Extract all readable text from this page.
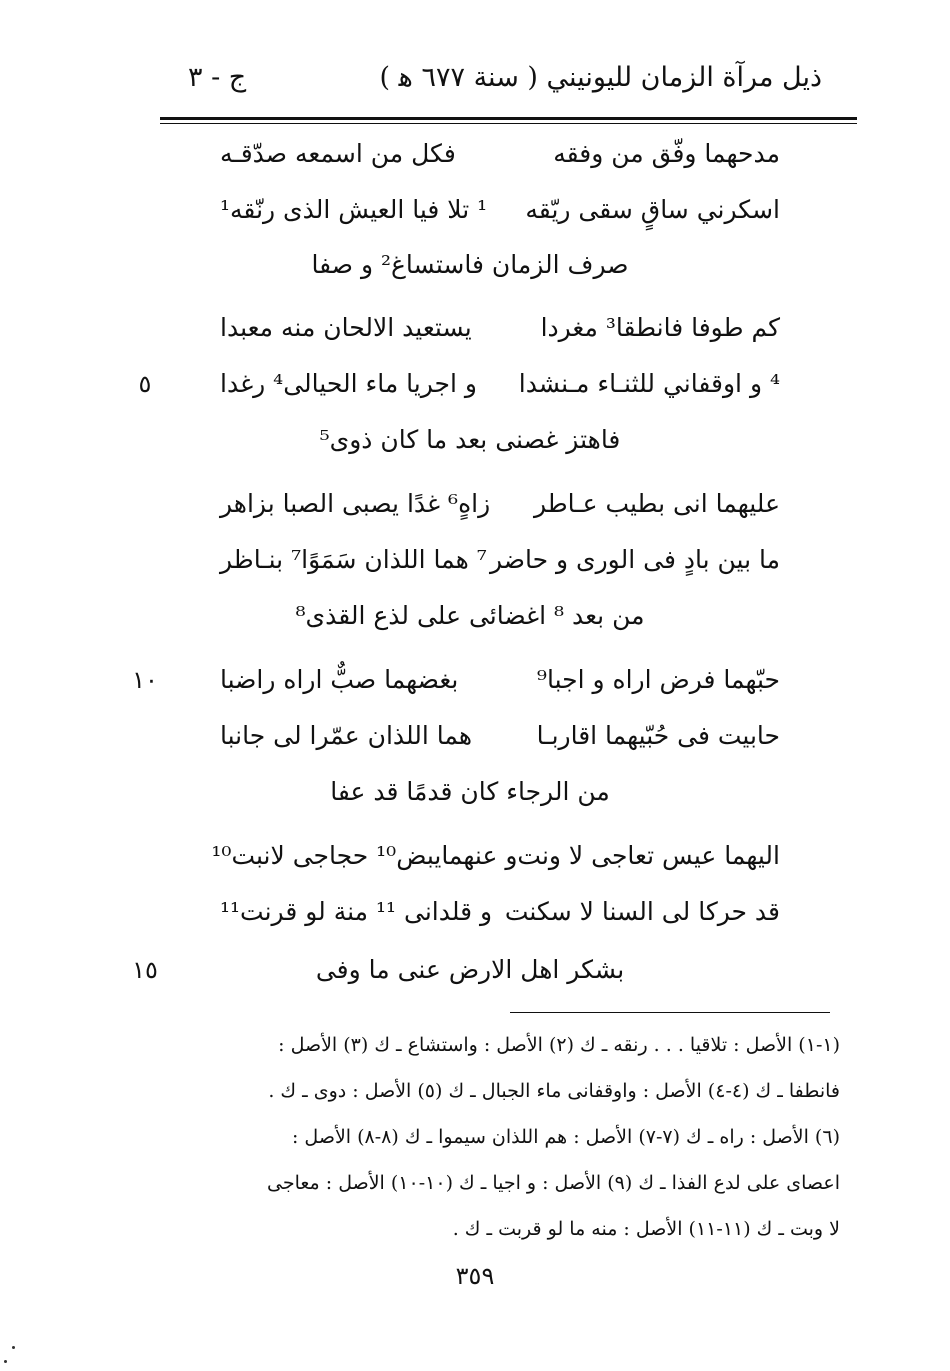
ذيل مرآة الزمان لليونيني ( سنة ٦٧٧ ﻫ )
ج - ٣
مدحهما وفّق من وفقه
فكل من اسمعه صدّقـه
اسكرني ساقٍ سقى ريّقه
¹ تلا فيا العيش الذى رنّقه¹
صرف الزمان فاستساغ² و صفا
كم طوفا فانطقا³ مغردا
يستعيد الالحان منه معبدا
⁴ و اوقفاني للثنـاء مـنشدا
و اجريا ماء الحيالى⁴ رغدا
٥
فاهتز غصنى بعد ما كان ذوى⁵
عليهما انى بطيب عـاطر
زاهٍ⁶ غدًا يصبى الصبا بزاهر
ما بين بادٍ فى الورى و حاضر
⁷ هما اللذان سَمَوًا⁷ بنـاظر
من بعد ⁸ اغضائى على لذع القذى⁸
حبّهما فرض اراه و اجبا⁹
بغضهما صبٌّ اراه راضبا
١٠
حابيت فى حُبّيهما اقاربـا
هما اللذان عمّرا لى جانبا
من الرجاء كان قدمًا قد عفا
اليهما عيس تعاجى لا ونت
و عنهمايبض¹⁰ حجاجى لانبت¹⁰
قد حركا لى السنا لا سكنت
و قلدانى ¹¹ منة لو قرنت¹¹
بشكر اهل الارض عنى ما وفى
١٥
(١-١) الأصل : تلاقيا . . . رنقه ـ ك (٢) الأصل : واستشاع ـ ك (٣) الأصل :
فانطفا ـ ك (٤-٤) الأصل : واوقفانى ماء الجبال ـ ك (٥) الأصل : دوى ـ ك .
(٦) الأصل : راه ـ ك (٧-٧) الأصل : هم اللذان سيموا ـ ك (٨-٨) الأصل :
اعصاى على لدع الفذا ـ ك (٩) الأصل : و اجيا ـ ك (١٠-١٠) الأصل : معاجى
لا وبت ـ ك (١١-١١) الأصل : منه ما لو قربت ـ ك .
٣٥٩
